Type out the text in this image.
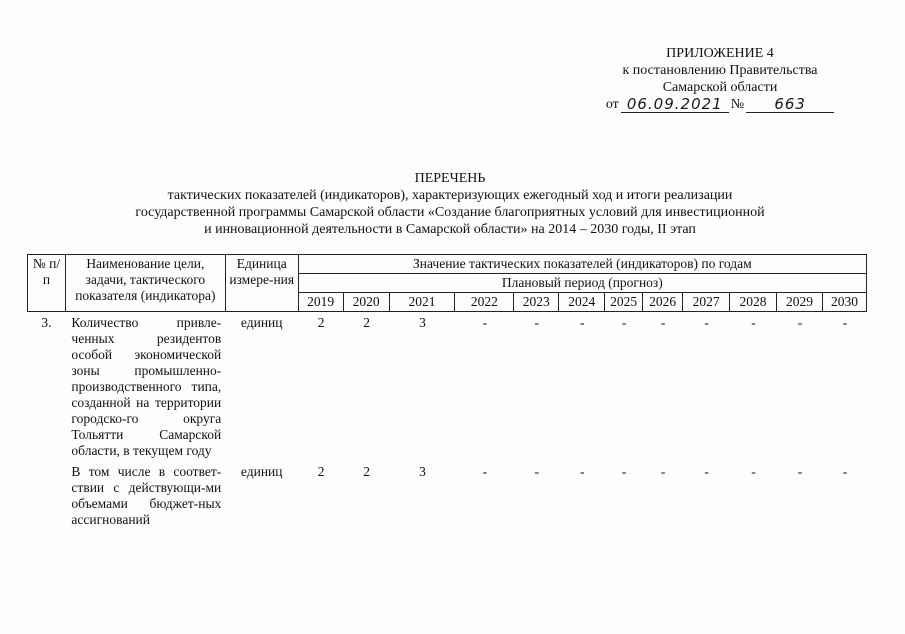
ПРИЛОЖЕНИЕ 4
к постановлению Правительства
Самарской области
от 06.09.2021 №	663
ПЕРЕЧЕНЬ
тактических показателей (индикаторов), характеризующих ежегодный ход и итоги реализации
государственной программы Самарской области «Создание благоприятных условий для инвестиционной
и инновационной деятельности в Самарской области» на 2014 – 2030 годы, II этап
№ п/п	Наименование цели, задачи, тактического показателя (индикатора)	Единица измере-ния	Значение тактических показателей (индикаторов) по годам											
			Плановый период (прогноз)											
			2019	2020	2021	2022	2023	2024	2025	2026	2027	2028	2029	2030
3.	Количество привле-ченных резидентов особой экономической зоны промышленно-производственного типа, созданной на территории городско-го округа Тольятти Самарской области, в текущем году	единиц	2	2	3	-	-	-	-	-	-	-	-	-
	В том числе в соответ-ствии с действующи-ми объемами бюджет-ных ассигнований	единиц	2	2	3	-	-	-	-	-	-	-	-	-
